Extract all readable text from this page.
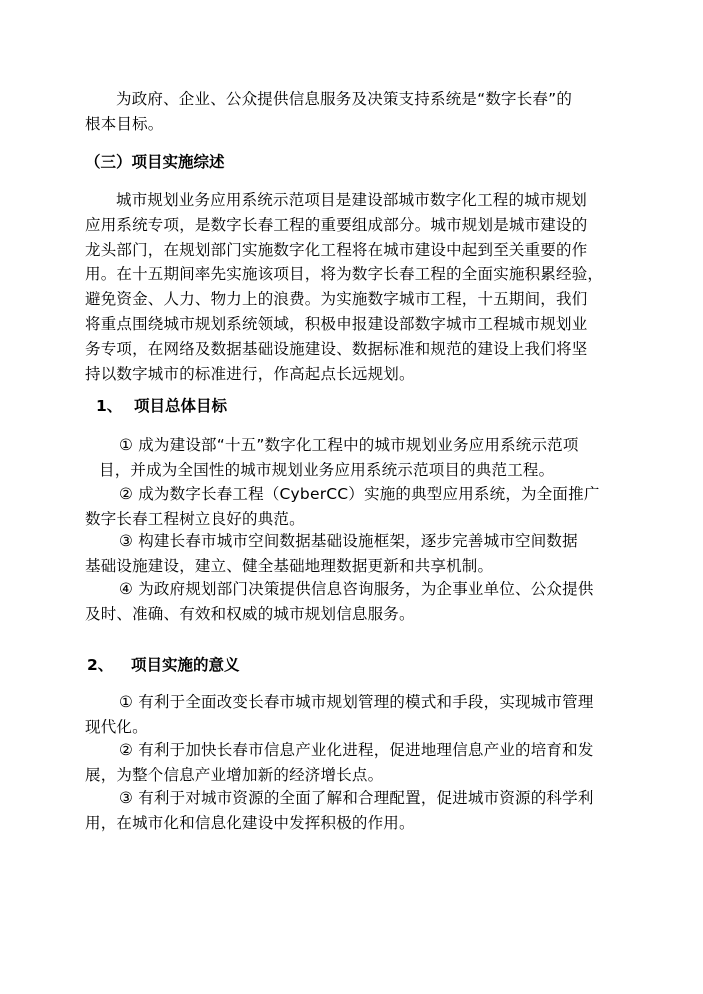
为政府、企业、公众提供信息服务及决策支持系统是“数字长春”的
根本目标。
（三）项目实施综述
城市规划业务应用系统示范项目是建设部城市数字化工程的城市规划
应用系统专项，是数字长春工程的重要组成部分。城市规划是城市建设的
龙头部门，在规划部门实施数字化工程将在城市建设中起到至关重要的作
用。在十五期间率先实施该项目，将为数字长春工程的全面实施积累经验，
避免资金、人力、物力上的浪费。为实施数字城市工程，十五期间，我们
将重点围绕城市规划系统领域，积极申报建设部数字城市工程城市规划业
务专项，在网络及数据基础设施建设、数据标准和规范的建设上我们将坚
持以数字城市的标准进行，作高起点长远规划。
1、 项目总体目标
① 成为建设部“十五”数字化工程中的城市规划业务应用系统示范项
目，并成为全国性的城市规划业务应用系统示范项目的典范工程。
② 成为数字长春工程（CyberCC）实施的典型应用系统，为全面推广
数字长春工程树立良好的典范。
③ 构建长春市城市空间数据基础设施框架，逐步完善城市空间数据
基础设施建设，建立、健全基础地理数据更新和共享机制。
④ 为政府规划部门决策提供信息咨询服务，为企事业单位、公众提供
及时、准确、有效和权威的城市规划信息服务。
2、 项目实施的意义
① 有利于全面改变长春市城市规划管理的模式和手段，实现城市管理
现代化。
② 有利于加快长春市信息产业化进程，促进地理信息产业的培育和发
展，为整个信息产业增加新的经济增长点。
③ 有利于对城市资源的全面了解和合理配置，促进城市资源的科学利
用，在城市化和信息化建设中发挥积极的作用。
